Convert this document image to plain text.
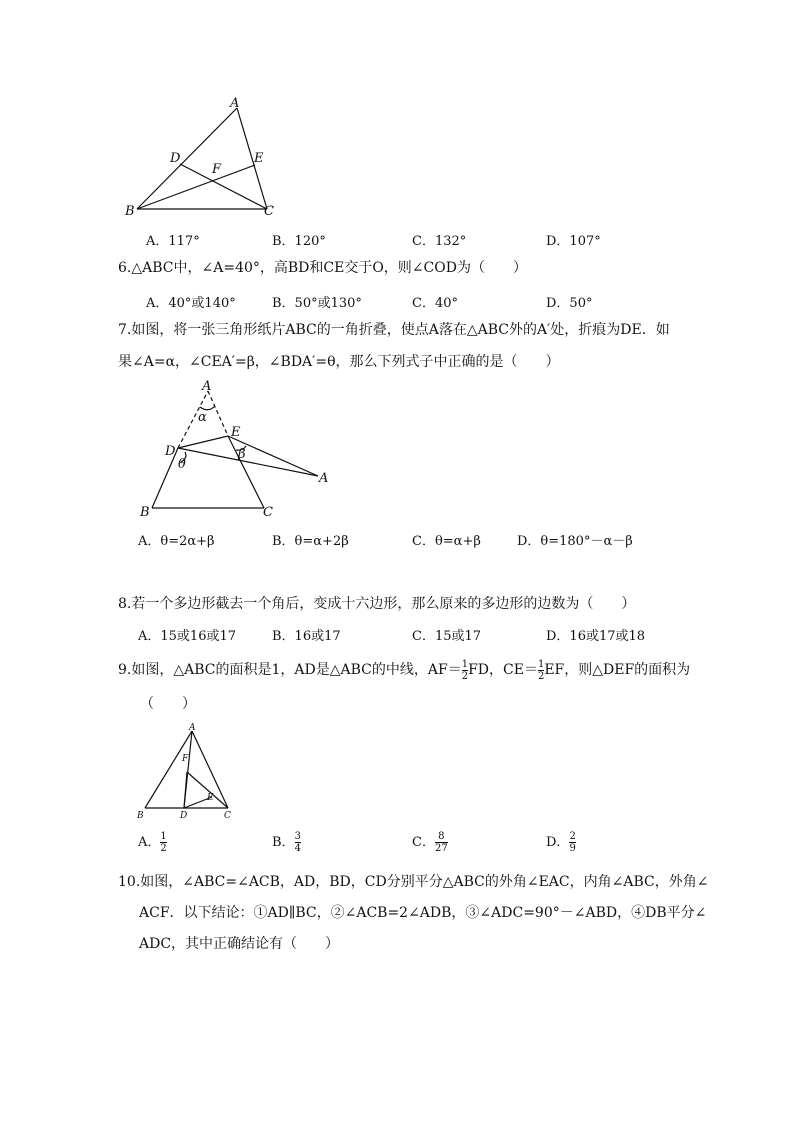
A
D	E
F
B	C
A．117°	B．120°	C．132°	D．107°
6.△ABC中，∠A=40°，高BD和CE交于O，则∠COD为（　　）
A．40°或140°	B．50°或130°	C．40°	D．50°
7.如图，将一张三角形纸片ABC的一角折叠，使点A落在△ABC外的A′处，折痕为DE．如
果∠A=α，∠CEA′=β，∠BDA′=θ，那么下列式子中正确的是（　　）
A
α
E
D
θ
β
A
B	C
A．θ=2α+β	B．θ=α+2β	C．θ=α+β	D．θ=180°－α－β
8.若一个多边形截去一个角后，变成十六边形，那么原来的多边形的边数为（　　）
A．15或16或17	B．16或17	C．15或17	D．16或17或18
9.如图，△ABC的面积是1，AD是△ABC的中线，$AF= \frac{1}{2}$ FD，$CE= \frac{1}{2}$ EF，则△DEF的面积为
（　　）
A
F
E
B	D	C
A． $\frac{1}{2}$	B． $\frac{3}{4}$	C． $\frac{8}{27}$	D． $\frac{2}{9}$
10.如图，∠ABC=∠ACB，AD，BD，CD分别平分△ABC的外角∠EAC，内角∠ABC，外角∠
ACF．以下结论：①AD∥BC，②∠ACB=2∠ADB，③∠ADC=90°－∠ABD，④DB平分∠
ADC，其中正确结论有（　　）
